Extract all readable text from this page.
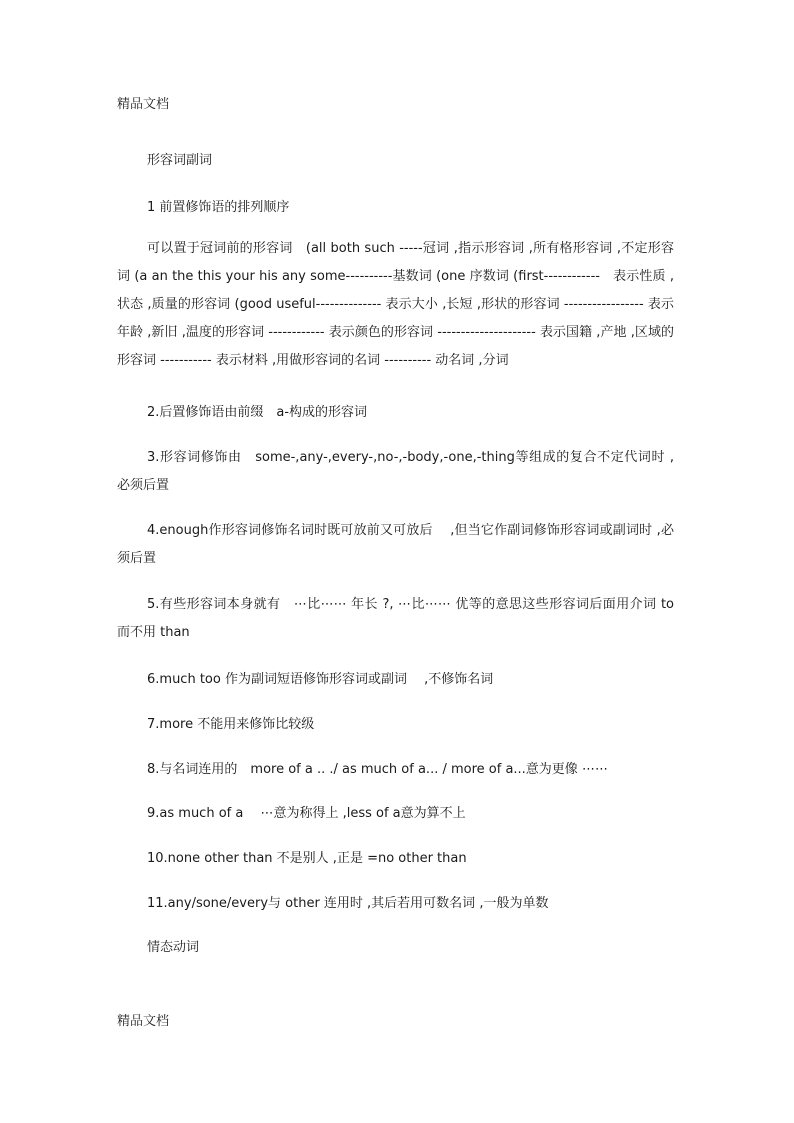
精品文档
形容词副词
1 前置修饰语的排列顺序
可以置于冠词前的形容词　(all both such -----冠词 ,指示形容词 ,所有格形容词 ,不定形容词 (a an the this your his any some----------基数词 (one 序数词 (first------------　表示性质 ,状态 ,质量的形容词 (good useful-------------- 表示大小 ,长短 ,形状的形容词 ----------------- 表示年龄 ,新旧 ,温度的形容词 ------------ 表示颜色的形容词 --------------------- 表示国籍 ,产地 ,区域的形容词 ----------- 表示材料 ,用做形容词的名词 ---------- 动名词 ,分词
2.后置修饰语由前缀　a-构成的形容词
3.形容词修饰由　some-,any-,every-,no-,-body,-one,-thing等组成的复合不定代词时 ,必须后置
4.enough作形容词修饰名词时既可放前又可放后　 ,但当它作副词修饰形容词或副词时 ,必须后置
5.有些形容词本身就有　⋯比⋯⋯ 年长 ?, ⋯比⋯⋯ 优等的意思这些形容词后面用介词 to 而不用 than
6.much too 作为副词短语修饰形容词或副词　 ,不修饰名词
7.more 不能用来修饰比较级
8.与名词连用的　more of a .. ./ as much of a... / more of a...意为更像 ⋯⋯
9.as much of a　 ⋯意为称得上 ,less of a意为算不上
10.none other than 不是别人 ,正是 =no other than
11.any/sone/every与 other 连用时 ,其后若用可数名词 ,一般为单数
情态动词
精品文档
